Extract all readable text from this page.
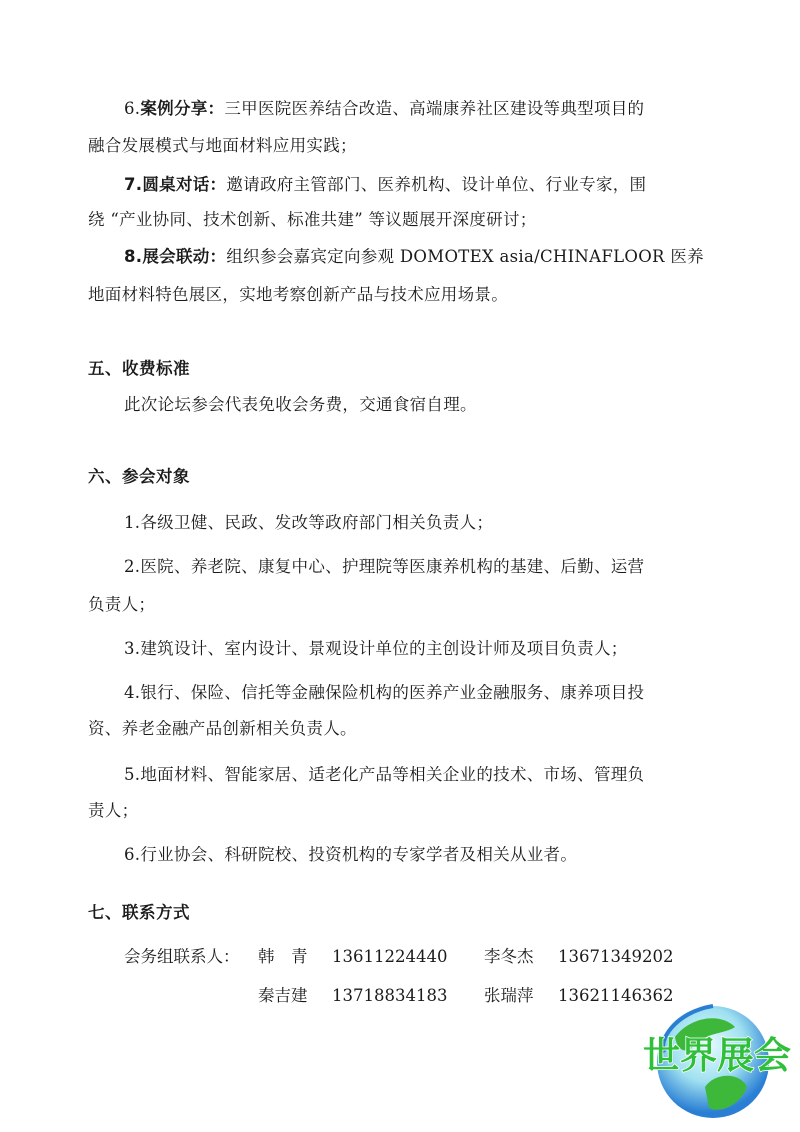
6.案例分享：三甲医院医养结合改造、高端康养社区建设等典型项目的
融合发展模式与地面材料应用实践；
7.圆桌对话：邀请政府主管部门、医养机构、设计单位、行业专家，围
绕 “产业协同、技术创新、标准共建” 等议题展开深度研讨；
8.展会联动：组织参会嘉宾定向参观 DOMOTEX asia/CHINAFLOOR 医养
地面材料特色展区，实地考察创新产品与技术应用场景。
五、收费标准
此次论坛参会代表免收会务费，交通食宿自理。
六、参会对象
1.各级卫健、民政、发改等政府部门相关负责人；
2.医院、养老院、康复中心、护理院等医康养机构的基建、后勤、运营
负责人；
3.建筑设计、室内设计、景观设计单位的主创设计师及项目负责人；
4.银行、保险、信托等金融保险机构的医养产业金融服务、康养项目投
资、养老金融产品创新相关负责人。
5.地面材料、智能家居、适老化产品等相关企业的技术、市场、管理负
责人；
6.行业协会、科研院校、投资机构的专家学者及相关从业者。
七、联系方式
会务组联系人： 韩　青 13611224440 李冬杰 13671349202
秦吉建 13718834183 张瑞萍 13621146362
世界展会
